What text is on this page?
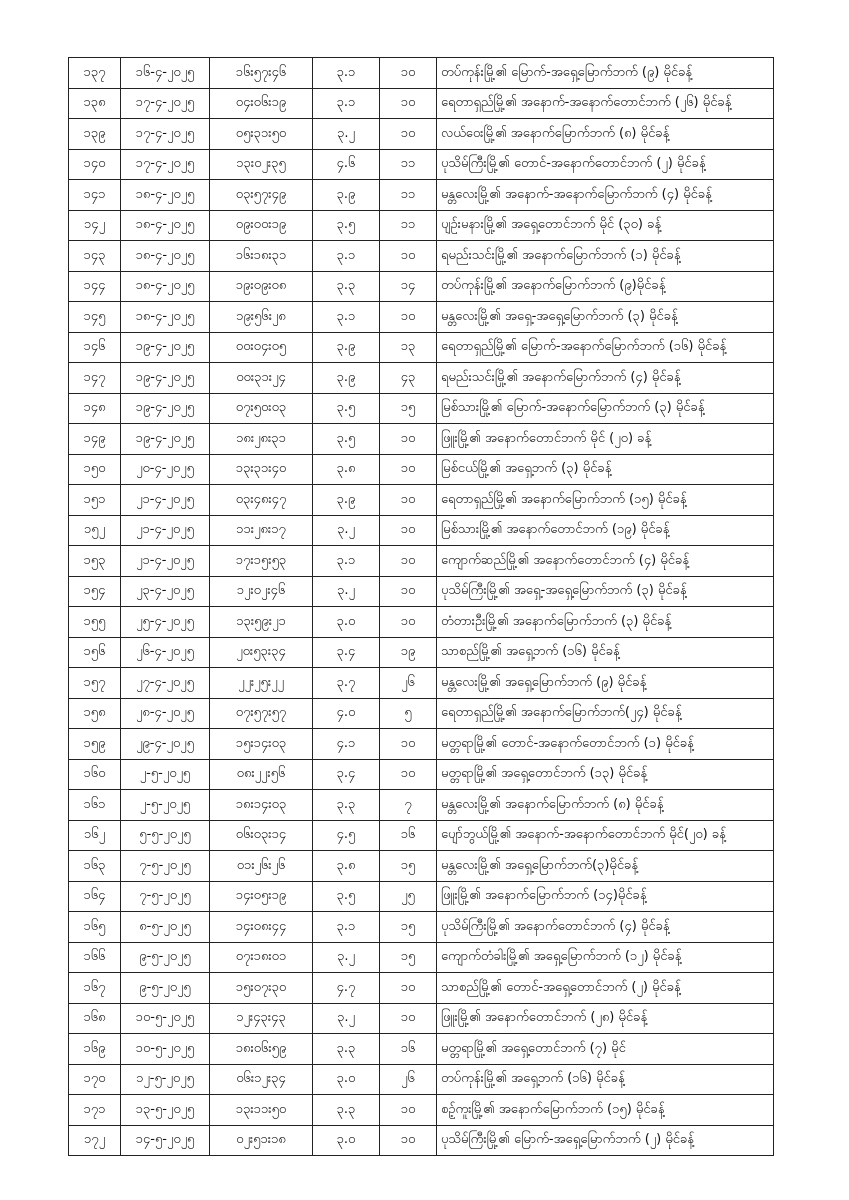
၁၃၇	၁၆-၄-၂၀၂၅	၁၆း၅၇း၄၆	၃.၁	၁၀	တပ်ကုန်းမြို့၏ မြောက်-အရှေ့မြောက်ဘက် (၉) မိုင်ခန့်
၁၃၈	၁၇-၄-၂၀၂၅	၀၄း၀၆း၁၉	၃.၁	၁၀	ရေတာရှည်မြို့၏ အနောက်-အနောက်တောင်ဘက် (၂၆) မိုင်ခန့်
၁၃၉	၁၇-၄-၂၀၂၅	၀၅း၃၁း၅၀	၃.၂	၁၀	လယ်ဝေးမြို့၏ အနောက်မြောက်ဘက် (၈) မိုင်ခန့်
၁၄၀	၁၇-၄-၂၀၂၅	၁၃း၀၂း၃၅	၄.၆	၁၁	ပုသိမ်ကြီးမြို့၏ တောင်-အနောက်တောင်ဘက် (၂) မိုင်ခန့်
၁၄၁	၁၈-၄-၂၀၂၅	၀၃း၅၇း၄၉	၃.၉	၁၁	မန္တလေးမြို့၏ အနောက်-အနောက်မြောက်ဘက် (၄) မိုင်ခန့်
၁၄၂	၁၈-၄-၂၀၂၅	၀၉း၀၀း၁၉	၃.၅	၁၁	ပျဉ်းမနားမြို့၏ အရှေ့တောင်ဘက် မိုင် (၃၀) ခန့်
၁၄၃	၁၈-၄-၂၀၂၅	၁၆း၁၈း၃၁	၃.၁	၁၀	ရမည်းသင်းမြို့၏ အနောက်မြောက်ဘက် (၁) မိုင်ခန့်
၁၄၄	၁၈-၄-၂၀၂၅	၁၉း၀၉း၀၈	၃.၃	၁၄	တပ်ကုန်းမြို့၏ အနောက်မြောက်ဘက် (၉)မိုင်ခန့်
၁၄၅	၁၈-၄-၂၀၂၅	၁၉း၅၆း၂၈	၃.၁	၁၀	မန္တလေးမြို့၏ အရှေ့-အရှေ့မြောက်ဘက် (၃) မိုင်ခန့်
၁၄၆	၁၉-၄-၂၀၂၅	၀၀း၀၄း၀၅	၃.၉	၁၃	ရေတာရှည်မြို့၏ မြောက်-အနောက်မြောက်ဘက် (၁၆) မိုင်ခန့်
၁၄၇	၁၉-၄-၂၀၂၅	၀၀း၃၁း၂၄	၃.၉	၄၃	ရမည်းသင်းမြို့၏ အနောက်မြောက်ဘက် (၄) မိုင်ခန့်
၁၄၈	၁၉-၄-၂၀၂၅	၀၇း၅၀း၀၃	၃.၅	၁၅	မြစ်သားမြို့၏ မြောက်-အနောက်မြောက်ဘက် (၃) မိုင်ခန့်
၁၄၉	၁၉-၄-၂၀၂၅	၁၈း၂၈း၃၁	၃.၅	၁၀	ဖြူးမြို့၏ အနောက်တောင်ဘက် မိုင် (၂၀) ခန့်
၁၅၀	၂၀-၄-၂၀၂၅	၁၃း၃၁း၄၀	၃.၈	၁၀	မြစ်ငယ်မြို့၏ အရှေ့ဘက် (၃) မိုင်ခန့်
၁၅၁	၂၁-၄-၂၀၂၅	၀၃း၄၈း၄၇	၃.၉	၁၀	ရေတာရှည်မြို့၏ အနောက်မြောက်ဘက် (၁၅) မိုင်ခန့်
၁၅၂	၂၁-၄-၂၀၂၅	၁၁း၂၈း၁၇	၃.၂	၁၀	မြစ်သားမြို့၏ အနောက်တောင်ဘက် (၁၉) မိုင်ခန့်
၁၅၃	၂၁-၄-၂၀၂၅	၁၇း၁၅း၅၃	၃.၁	၁၀	ကျောက်ဆည်မြို့၏ အနောက်တောင်ဘက် (၄) မိုင်ခန့်
၁၅၄	၂၃-၄-၂၀၂၅	၁၂း၀၂း၄၆	၃.၂	၁၀	ပုသိမ်ကြီးမြို့၏ အရှေ့-အရှေ့မြောက်ဘက် (၃) မိုင်ခန့်
၁၅၅	၂၅-၄-၂၀၂၅	၁၃း၅၉း၂၁	၃.၀	၁၀	တံတားဦးမြို့၏ အနောက်မြောက်ဘက် (၃) မိုင်ခန့်
၁၅၆	၂၆-၄-၂၀၂၅	၂၀း၅၃း၃၄	၃.၄	၁၉	သာစည်မြို့၏ အရှေ့ဘက် (၁၆) မိုင်ခန့်
၁၅၇	၂၇-၄-၂၀၂၅	၂၂း၂၅း၂၂	၃.၇	၂၆	မန္တလေးမြို့၏ အရှေ့မြောက်ဘက် (၉) မိုင်ခန့်
၁၅၈	၂၈-၄-၂၀၂၅	၀၇း၅၇း၅၇	၄.၀	၅	ရေတာရှည်မြို့၏ အနောက်မြောက်ဘက်(၂၄) မိုင်ခန့်
၁၅၉	၂၉-၄-၂၀၂၅	၁၅း၁၄း၀၃	၄.၁	၁၀	မတ္တရာမြို့၏ တောင်-အနောက်တောင်ဘက် (၁) မိုင်ခန့်
၁၆၀	၂-၅-၂၀၂၅	၀၈း၂၂း၅၆	၃.၄	၁၀	မတ္တရာမြို့၏ အရှေ့တောင်ဘက် (၁၃) မိုင်ခန့်
၁၆၁	၂-၅-၂၀၂၅	၁၈း၁၄း၀၃	၃.၃	၇	မန္တလေးမြို့၏ အနောက်မြောက်ဘက် (၈) မိုင်ခန့်
၁၆၂	၅-၅-၂၀၂၅	၀၆း၀၃း၁၄	၄.၅	၁၆	ပျော်ဘွယ်မြို့၏ အနောက်-အနောက်တောင်ဘက် မိုင်(၂၀) ခန့်
၁၆၃	၇-၅-၂၀၂၅	၀၁း၂၆း၂၆	၃.၈	၁၅	မန္တလေးမြို့၏ အရှေ့မြောက်ဘက်(၃)မိုင်ခန့်
၁၆၄	၇-၅-၂၀၂၅	၁၄း၀၅း၁၉	၃.၅	၂၅	ဖြူးမြို့၏ အနောက်မြောက်ဘက် (၁၄)မိုင်ခန့်
၁၆၅	၈-၅-၂၀၂၅	၁၄း၀၈း၄၄	၃.၁	၁၅	ပုသိမ်ကြီးမြို့၏ အနောက်တောင်ဘက် (၄) မိုင်ခန့်
၁၆၆	၉-၅-၂၀၂၅	၀၇း၁၈း၀၁	၃.၂	၁၅	ကျောက်တံခါးမြို့၏ အရှေ့မြောက်ဘက် (၁၂) မိုင်ခန့်
၁၆၇	၉-၅-၂၀၂၅	၁၅း၀၇း၃၀	၄.၇	၁၀	သာစည်မြို့၏ တောင်-အရှေ့တောင်ဘက် (၂) မိုင်ခန့်
၁၆၈	၁၀-၅-၂၀၂၅	၁၂း၄၃း၄၃	၃.၂	၁၀	ဖြူးမြို့၏ အနောက်တောင်ဘက် (၂၈) မိုင်ခန့်
၁၆၉	၁၀-၅-၂၀၂၅	၁၈း၀၆း၅၉	၃.၃	၁၆	မတ္တရာမြို့၏ အရှေ့တောင်ဘက် (၇) မိုင်
၁၇၀	၁၂-၅-၂၀၂၅	၀၆း၁၂း၃၄	၃.၀	၂၆	တပ်ကုန်းမြို့၏ အရှေ့ဘက် (၁၆) မိုင်ခန့်
၁၇၁	၁၃-၅-၂၀၂၅	၁၃း၁၁း၅၀	၃.၃	၁၀	စဉ့်ကူးမြို့၏ အနောက်မြောက်ဘက် (၁၅) မိုင်ခန့်
၁၇၂	၁၄-၅-၂၀၂၅	၀၂း၅၁း၁၈	၃.၀	၁၀	ပုသိမ်ကြီးမြို့၏ မြောက်-အရှေ့မြောက်ဘက် (၂) မိုင်ခန့်
